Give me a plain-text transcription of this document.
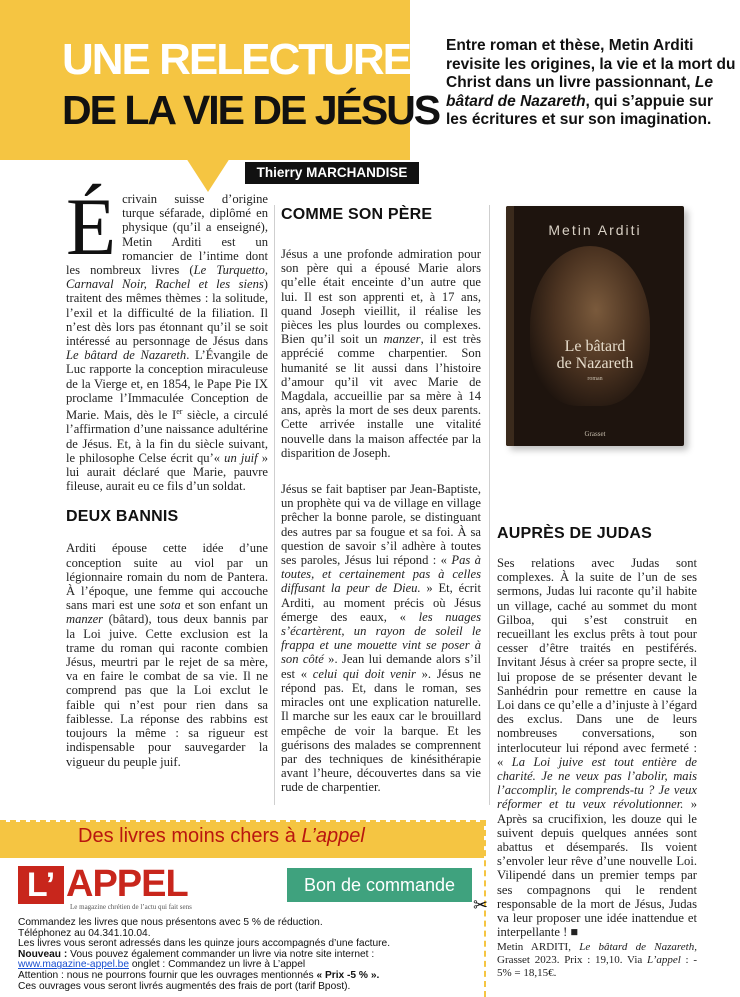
UNE RELECTURE
DE LA VIE DE JÉSUS
Entre roman et thèse, Metin Arditi revisite les origines, la vie et la mort du Christ dans un livre passionnant, Le bâtard de Nazareth, qui s’appuie sur les écritures et sur son imagination.
Thierry MARCHANDISE

Écrivain suisse d’origine turque séfarade, diplômé en physique (qu’il a enseigné), Metin Arditi est un romancier de l’intime dont les nombreux livres (Le Turquetto, Carnaval Noir, Rachel et les siens) traitent des mêmes thèmes : la solitude, l’exil et la difficulté de la filiation. Il n’est dès lors pas étonnant qu’il se soit intéressé au personnage de Jésus dans Le bâtard de Nazareth. L’Évangile de Luc rapporte la conception miraculeuse de la Vierge et, en 1854, le Pape Pie IX proclame l’Immaculée Conception de Marie. Mais, dès le Ier siècle, a circulé l’affirmation d’une naissance adultérine de Jésus. Et, à la fin du siècle suivant, le philosophe Celse écrit qu’« un juif » lui aurait déclaré que Marie, pauvre fileuse, aurait eu ce fils d’un soldat.

DEUX BANNIS

Arditi épouse cette idée d’une conception suite au viol par un légionnaire romain du nom de Pantera. À l’époque, une femme qui accouche sans mari est une sota et son enfant un manzer (bâtard), tous deux bannis par la Loi juive. Cette exclusion est la trame du roman qui raconte combien Jésus, meurtri par le rejet de sa mère, va en faire le combat de sa vie. Il ne comprend pas que la Loi exclut le faible qui n’est pour rien dans sa faiblesse. La réponse des rabbins est toujours la même : sa rigueur est indispensable pour sauvegarder la vigueur du peuple juif.

COMME SON PÈRE

Jésus a une profonde admiration pour son père qui a épousé Marie alors qu’elle était enceinte d’un autre que lui. Il est son apprenti et, à 17 ans, quand Joseph vieillit, il réalise les pièces les plus lourdes ou complexes. Bien qu’il soit un manzer, il est très apprécié comme charpentier. Son humanité se lit aussi dans l’histoire d’amour qu’il vit avec Marie de Magdala, accueillie par sa mère à 14 ans, après la mort de ses deux parents. Cette arrivée installe une vitalité nouvelle dans la maison affectée par la disparition de Joseph.

Jésus se fait baptiser par Jean-Baptiste, un prophète qui va de village en village prêcher la bonne parole, se distinguant des autres par sa fougue et sa foi. À sa question de savoir s’il adhère à toutes ses paroles, Jésus lui répond : « Pas à toutes, et certainement pas à celles diffusant la peur de Dieu. » Et, écrit Arditi, au moment précis où Jésus émerge des eaux, « les nuages s’écartèrent, un rayon de soleil le frappa et une mouette vint se poser à son côté ». Jean lui demande alors s’il est « celui qui doit venir ». Jésus ne répond pas. Et, dans le roman, ses miracles ont une explication naturelle. Il marche sur les eaux car le brouillard empêche de voir la barque. Et les guérisons des malades se comprennent par des techniques de kinésithérapie avant l’heure, découvertes dans sa vie rude de charpentier.

Metin Arditi
Le bâtard
de Nazareth
roman
Grasset
AUPRÈS DE JUDAS

Ses relations avec Judas sont complexes. À la suite de l’un de ses sermons, Judas lui raconte qu’il habite un village, caché au sommet du mont Gilboa, qui s’est construit en recueillant les exclus prêts à tout pour cesser d’être traités en pestiférés. Invitant Jésus à créer sa propre secte, il lui propose de se présenter devant le Sanhédrin pour remettre en cause la Loi dans ce qu’elle a d’injuste à l’égard des exclus. Dans une de leurs nombreuses conversations, son interlocuteur lui répond avec fermeté : « La Loi juive est tout entière de charité. Je ne veux pas l’abolir, mais l’accomplir, le comprends-tu ? Je veux réformer et tu veux révolutionner. » Après sa crucifixion, les douze qui le suivent depuis quelques années sont abattus et désemparés. Ils voient s’envoler leur rêve d’une nouvelle Loi. Vilipendé dans un premier temps par ses compagnons qui le rendent responsable de la mort de Jésus, Judas va leur proposer une idée inattendue et interpellante ! ■

Metin ARDITI, Le bâtard de Nazareth, Grasset 2023. Prix : 19,10. Via L’appel : - 5% = 18,15€.
Des livres moins chers à L’appel
L’ APPEL
Le magazine chrétien de l’actu qui fait sens
Bon de commande
✂
Commandez les livres que nous présentons avec 5 % de réduction.
Téléphonez au 04.341.10.04.
Les livres vous seront adressés dans les quinze jours accompagnés d’une facture.
Nouveau : Vous pouvez également commander un livre via notre site internet :
www.magazine-appel.be onglet : Commandez un livre à L’appel
Attention : nous ne pourrons fournir que les ouvrages mentionnés « Prix -5 % ».
Ces ouvrages vous seront livrés augmentés des frais de port (tarif Bpost).
